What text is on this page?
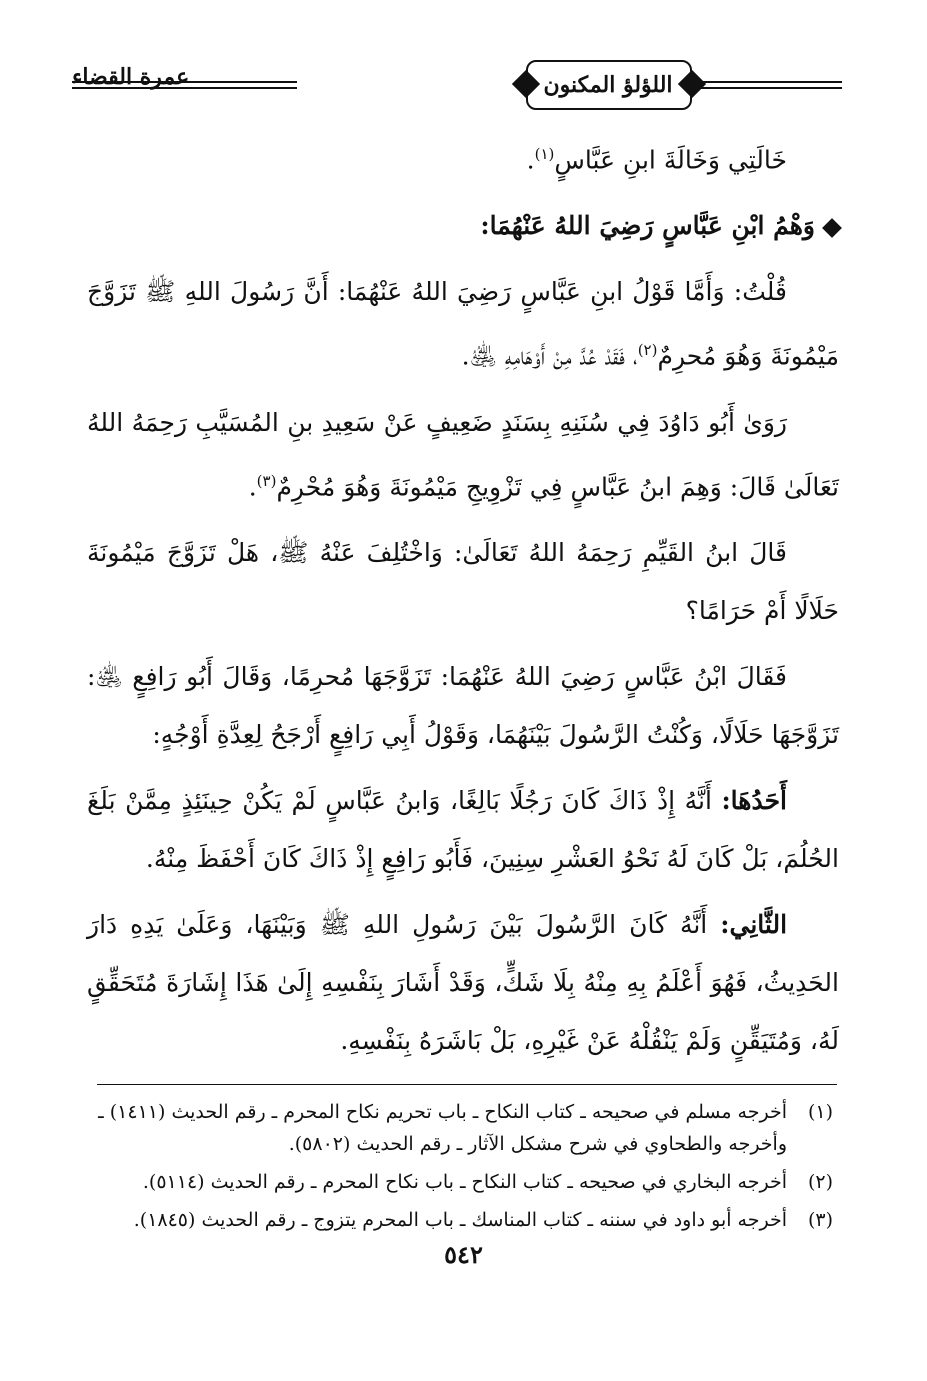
اللؤلؤ المكنون
عمرة القضاء

خَالَتِي وَخَالَةَ ابنِ عَبَّاسٍ$^{(١)}$.

وَهْمُ ابْنِ عَبَّاسٍ رَضِيَ اللهُ عَنْهُمَا:

قُلْتُ: وَأَمَّا قَوْلُ ابنِ عَبَّاسٍ رَضِيَ اللهُ عَنْهُمَا: أَنَّ رَسُولَ اللهِ ﷺ تَزَوَّجَ مَيْمُونَةَ وَهُوَ مُحرِمٌ$^{(٢)}$، فَقَدْ عُدَّ مِنْ أَوْهَامِهِ ﵁.

رَوَىٰ أَبُو دَاوُدَ فِي سُنَنِهِ بِسَنَدٍ ضَعِيفٍ عَنْ سَعِيدِ بنِ المُسَيَّبِ رَحِمَهُ اللهُ تَعَالَىٰ قَالَ: وَهِمَ ابنُ عَبَّاسٍ فِي تَزْوِيجِ مَيْمُونَةَ وَهُوَ مُحْرِمٌ$^{(٣)}$.

قَالَ ابنُ القَيِّمِ رَحِمَهُ اللهُ تَعَالَىٰ: وَاخْتُلِفَ عَنْهُ ﷺ، هَلْ تَزَوَّجَ مَيْمُونَةَ حَلَالًا أَمْ حَرَامًا؟

فَقَالَ ابْنُ عَبَّاسٍ رَضِيَ اللهُ عَنْهُمَا: تَزَوَّجَهَا مُحرِمًا، وَقَالَ أَبُو رَافِعٍ ﵁: تَزَوَّجَهَا حَلَالًا، وَكُنْتُ الرَّسُولَ بَيْنَهُمَا، وَقَوْلُ أَبِي رَافِعٍ أَرْجَحُ لِعِدَّةِ أَوْجُهٍ:

أَحَدُهَا: أَنَّهُ إِذْ ذَاكَ كَانَ رَجُلًا بَالِغًا، وَابنُ عَبَّاسٍ لَمْ يَكُنْ حِينَئِذٍ مِمَّنْ بَلَغَ الحُلُمَ، بَلْ كَانَ لَهُ نَحْوُ العَشْرِ سِنِينَ، فَأَبُو رَافِعٍ إِذْ ذَاكَ كَانَ أَحْفَظَ مِنْهُ.

الثَّانِي: أَنَّهُ كَانَ الرَّسُولَ بَيْنَ رَسُولِ اللهِ ﷺ وَبَيْنَهَا، وَعَلَىٰ يَدِهِ دَارَ الحَدِيثُ، فَهُوَ أَعْلَمُ بِهِ مِنْهُ بِلَا شَكٍّ، وَقَدْ أَشَارَ بِنَفْسِهِ إِلَىٰ هَذَا إِشَارَةَ مُتَحَقِّقٍ لَهُ، وَمُتَيَقِّنٍ وَلَمْ يَنْقُلْهُ عَنْ غَيْرِهِ، بَلْ بَاشَرَهُ بِنَفْسِهِ.

(١)
أخرجه مسلم في صحيحه ـ كتاب النكاح ـ باب تحريم نكاح المحرم ـ رقم الحديث (١٤١١) ـ وأخرجه والطحاوي في شرح مشكل الآثار ـ رقم الحديث (٥٨٠٢).
(٢)
أخرجه البخاري في صحيحه ـ كتاب النكاح ـ باب نكاح المحرم ـ رقم الحديث (٥١١٤).
(٣)
أخرجه أبو داود في سننه ـ كتاب المناسك ـ باب المحرم يتزوج ـ رقم الحديث (١٨٤٥).
٥٤٢
